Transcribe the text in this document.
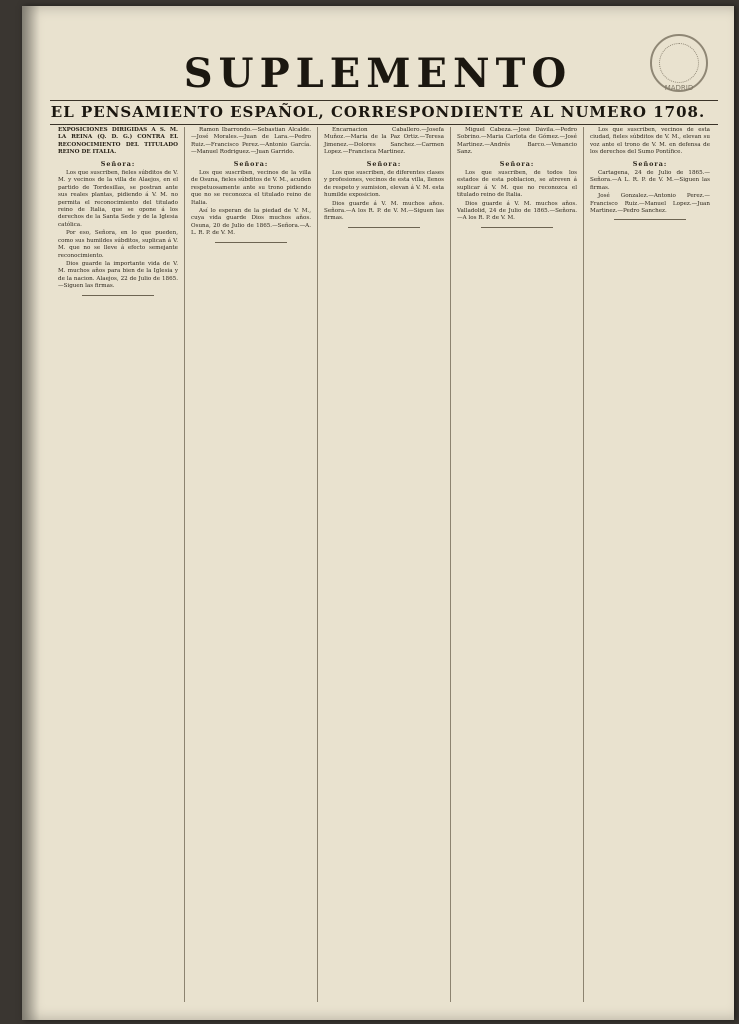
MADRID
SUPLEMENTO
EL PENSAMIENTO ESPAÑOL, CORRESPONDIENTE AL NUMERO 1708.

EXPOSICIONES DIRIGIDAS Á S. M. LA REINA (Q. D. G.) CONTRA EL RECONOCIMIENTO DEL TITULADO REINO DE ITALIA.

Señora:

Los que suscriben, fieles súbditos de V. M. y vecinos de la villa de Alaejos, en el partido de Tordesillas, se postran ante sus reales plantas, pidiendo á V. M. no permita el reconocimiento del titulado reino de Italia, que se opone á los derechos de la Santa Sede y de la Iglesia católica.

Por eso, Señora, en lo que pueden, como sus humildes súbditos, suplican á V. M. que no se lleve á efecto semejante reconocimiento.

Dios guarde la importante vida de V. M. muchos años para bien de la Iglesia y de la nacion. Alaejos, 22 de Julio de 1865.—Siguen las firmas.

Ramon Ibarrondo.—Sebastian Alcalde.—José Morales.—Juan de Lara.—Pedro Ruiz.—Francisco Perez.—Antonio García.—Manuel Rodriguez.—Juan Garrido.

Señora:

Los que suscriben, vecinos de la villa de Osuna, fieles súbditos de V. M., acuden respetuosamente ante su trono pidiendo que no se reconozca el titulado reino de Italia.

Así lo esperan de la piedad de V. M., cuya vida guarde Dios muchos años. Osuna, 20 de Julio de 1865.—Señora.—A. L. R. P. de V. M.

Encarnacion Caballero.—Josefa Muñoz.—Maria de la Paz Ortiz.—Teresa Jimenez.—Dolores Sanchez.—Carmen Lopez.—Francisca Martinez.

Señora:

Los que suscriben, de diferentes clases y profesiones, vecinos de esta villa, llenos de respeto y sumision, elevan á V. M. esta humilde exposicion.

Dios guarde á V. M. muchos años. Señora.—A los R. P. de V. M.—Siguen las firmas.

Miguel Cabeza.—José Dávila.—Pedro Sobrino.—Maria Carlota de Gómez.—José Martinez.—Andrés Barco.—Venancio Sanz.

Señora:

Los que suscriben, de todos los estados de esta poblacion, se atreven á suplicar á V. M. que no reconozca el titulado reino de Italia.

Dios guarde á V. M. muchos años. Valladolid, 24 de Julio de 1865.—Señora.—A los R. P. de V. M.

Los que suscriben, vecinos de esta ciudad, fieles súbditos de V. M., elevan su voz ante el trono de V. M. en defensa de los derechos del Sumo Pontífice.

Señora:

Cartagena, 24 de Julio de 1865.—Señora.—A L. R. P. de V. M.—Siguen las firmas.

José Gonzalez.—Antonio Perez.—Francisco Ruiz.—Manuel Lopez.—Juan Martinez.—Pedro Sanchez.
